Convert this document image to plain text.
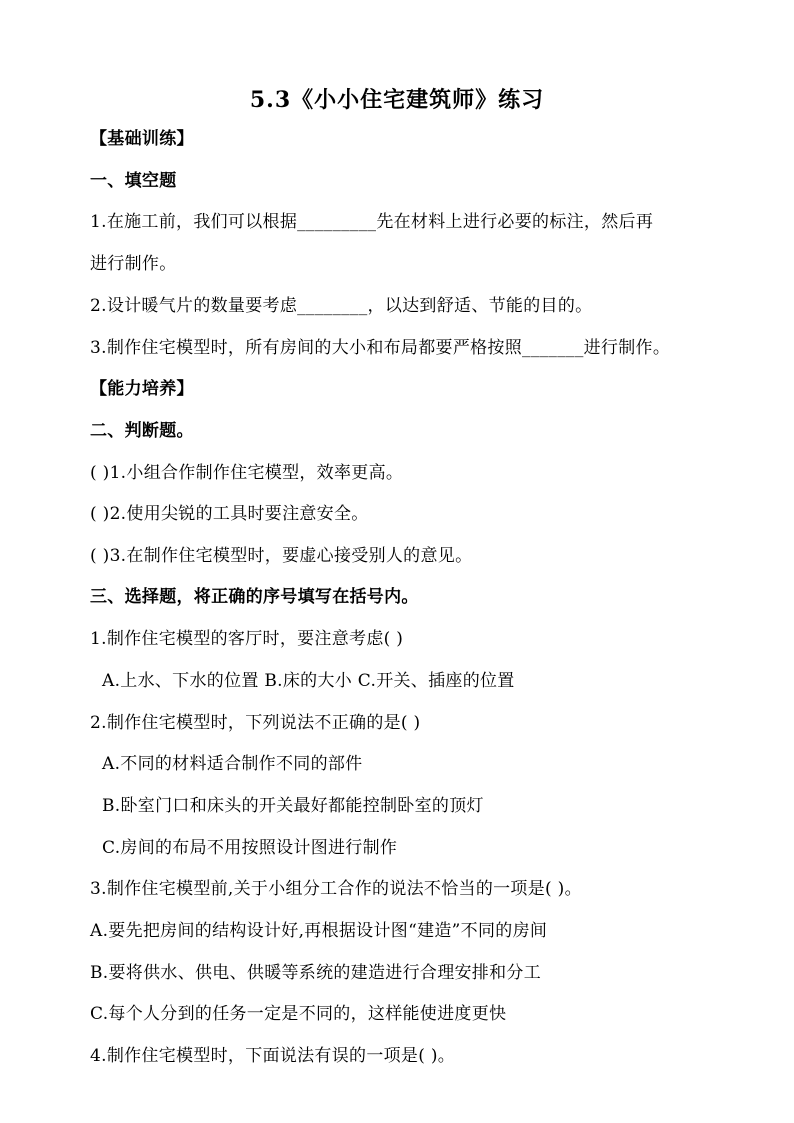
5.3《小小住宅建筑师》练习
【基础训练】
一、填空题
1.在施工前，我们可以根据_________先在材料上进行必要的标注，然后再
进行制作。
2.设计暖气片的数量要考虑________，以达到舒适、节能的目的。
3.制作住宅模型时，所有房间的大小和布局都要严格按照_______进行制作。
【能力培养】
二、判断题。
( )1.小组合作制作住宅模型，效率更高。
( )2.使用尖锐的工具时要注意安全。
( )3.在制作住宅模型时，要虚心接受别人的意见。
三、选择题，将正确的序号填写在括号内。
1.制作住宅模型的客厅时，要注意考虑( )
A.上水、下水的位置 B.床的大小 C.开关、插座的位置
2.制作住宅模型时，下列说法不正确的是( )
A.不同的材料适合制作不同的部件
B.卧室门口和床头的开关最好都能控制卧室的顶灯
C.房间的布局不用按照设计图进行制作
3.制作住宅模型前,关于小组分工合作的说法不恰当的一项是( )。
A.要先把房间的结构设计好,再根据设计图“建造”不同的房间
B.要将供水、供电、供暖等系统的建造进行合理安排和分工
C.每个人分到的任务一定是不同的，这样能使进度更快
4.制作住宅模型时，下面说法有误的一项是( )。
